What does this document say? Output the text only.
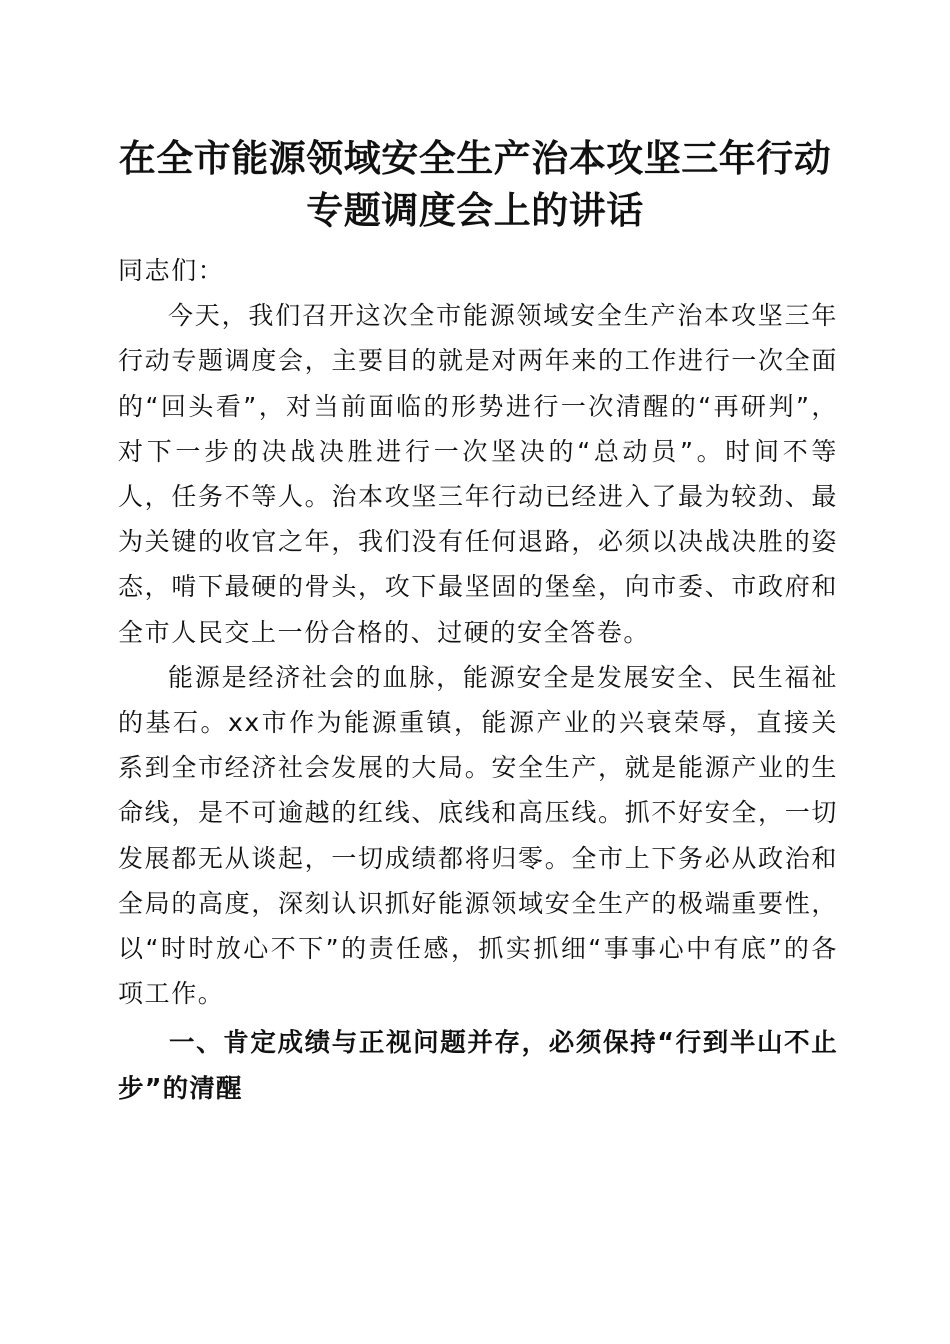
在全市能源领域安全生产治本攻坚三年行动专题调度会上的讲话

同志们：

今天，我们召开这次全市能源领域安全生产治本攻坚三年行动专题调度会，主要目的就是对两年来的工作进行一次全面的“回头看”，对当前面临的形势进行一次清醒的“再研判”，对下一步的决战决胜进行一次坚决的“总动员”。时间不等人，任务不等人。治本攻坚三年行动已经进入了最为较劲、最为关键的收官之年，我们没有任何退路，必须以决战决胜的姿态，啃下最硬的骨头，攻下最坚固的堡垒，向市委、市政府和全市人民交上一份合格的、过硬的安全答卷。

能源是经济社会的血脉，能源安全是发展安全、民生福祉的基石。xx市作为能源重镇，能源产业的兴衰荣辱，直接关系到全市经济社会发展的大局。安全生产，就是能源产业的生命线，是不可逾越的红线、底线和高压线。抓不好安全，一切发展都无从谈起，一切成绩都将归零。全市上下务必从政治和全局的高度，深刻认识抓好能源领域安全生产的极端重要性，以“时时放心不下”的责任感，抓实抓细“事事心中有底”的各项工作。

一、肯定成绩与正视问题并存，必须保持“行到半山不止步”的清醒
